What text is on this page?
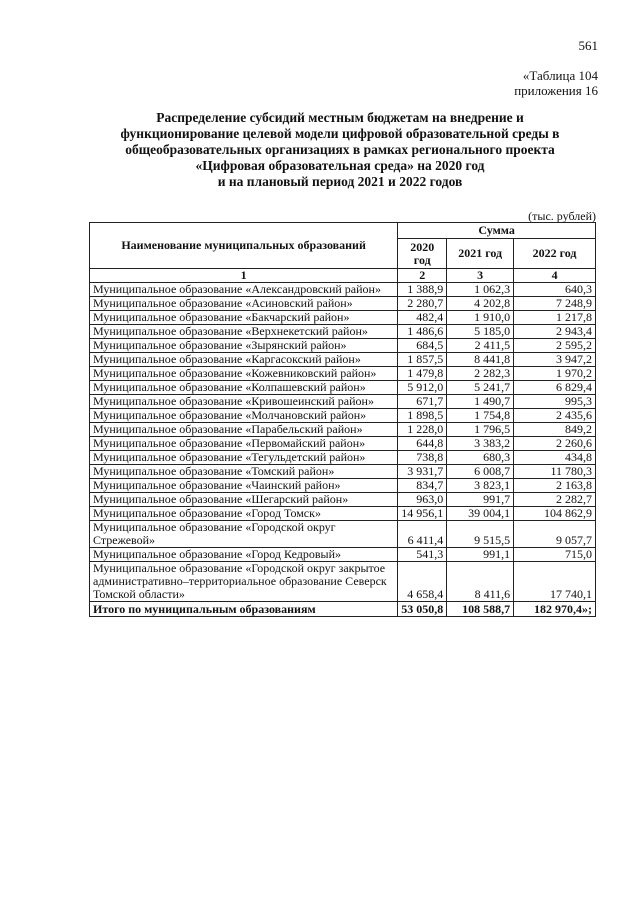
561
«Таблица 104
приложения 16
Распределение субсидий местным бюджетам на внедрение и
функционирование целевой модели цифровой образовательной среды в
общеобразовательных организациях в рамках регионального проекта
«Цифровая образовательная среда» на 2020 год
и на плановый период 2021 и 2022 годов
(тыс. рублей)
Наименование муниципальных образований	Сумма		
	2020 год	2021 год	2022 год
1	2	3	4
Муниципальное образование «Александровский район»	1 388,9	1 062,3	640,3
Муниципальное образование «Асиновский район»	2 280,7	4 202,8	7 248,9
Муниципальное образование «Бакчарский район»	482,4	1 910,0	1 217,8
Муниципальное образование «Верхнекетский район»	1 486,6	5 185,0	2 943,4
Муниципальное образование «Зырянский район»	684,5	2 411,5	2 595,2
Муниципальное образование «Каргасокский район»	1 857,5	8 441,8	3 947,2
Муниципальное образование «Кожевниковский район»	1 479,8	2 282,3	1 970,2
Муниципальное образование «Колпашевский район»	5 912,0	5 241,7	6 829,4
Муниципальное образование «Кривошеинский район»	671,7	1 490,7	995,3
Муниципальное образование «Молчановский район»	1 898,5	1 754,8	2 435,6
Муниципальное образование «Парабельский район»	1 228,0	1 796,5	849,2
Муниципальное образование «Первомайский район»	644,8	3 383,2	2 260,6
Муниципальное образование «Тегульдетский район»	738,8	680,3	434,8
Муниципальное образование «Томский район»	3 931,7	6 008,7	11 780,3
Муниципальное образование «Чаинский район»	834,7	3 823,1	2 163,8
Муниципальное образование «Шегарский район»	963,0	991,7	2 282,7
Муниципальное образование «Город Томск»	14 956,1	39 004,1	104 862,9
Муниципальное образование «Городской округ Стрежевой»	6 411,4	9 515,5	9 057,7
Муниципальное образование «Город Кедровый»	541,3	991,1	715,0
Муниципальное образование «Городской округ закрытое административно–территориальное образование Северск Томской области»	4 658,4	8 411,6	17 740,1
Итого по муниципальным образованиям	53 050,8	108 588,7	182 970,4»;
